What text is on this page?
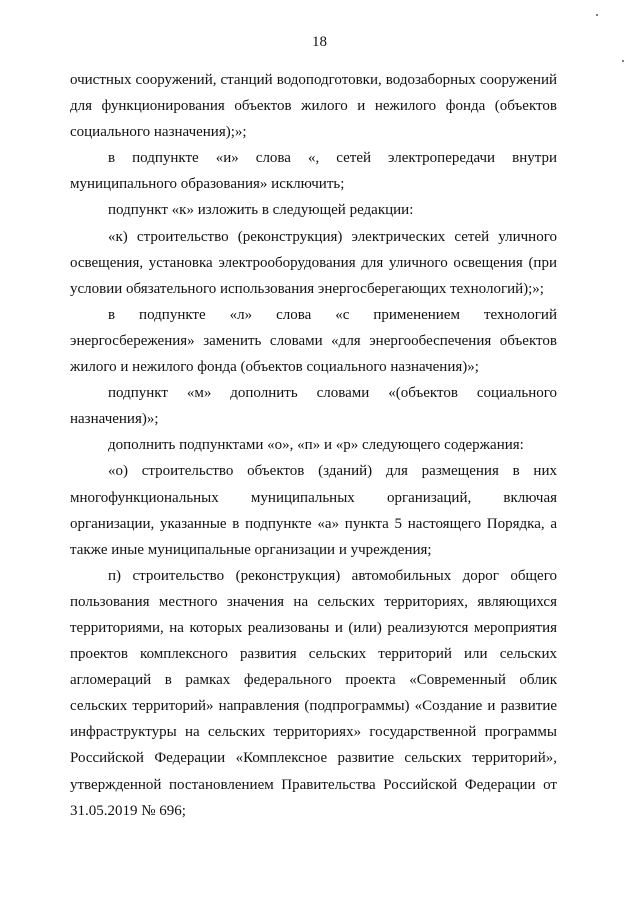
18

очистных сооружений, станций водоподготовки, водозаборных сооружений для функционирования объектов жилого и нежилого фонда (объектов социального назначения);»;

в подпункте «и» слова «, сетей электропередачи внутри муниципального образования» исключить;

подпункт «к» изложить в следующей редакции:

«к) строительство (реконструкция) электрических сетей уличного освещения, установка электрооборудования для уличного освещения (при условии обязательного использования энергосберегающих технологий);»;

в подпункте «л» слова «с применением технологий энергосбережения» заменить словами «для энергообеспечения объектов жилого и нежилого фонда (объектов социального назначения)»;

подпункт «м» дополнить словами «(объектов социального назначения)»;

дополнить подпунктами «о», «п» и «р» следующего содержания:

«о) строительство объектов (зданий) для размещения в них многофункциональных муниципальных организаций, включая организации, указанные в подпункте «а» пункта 5 настоящего Порядка, а также иные муниципальные организации и учреждения;

п) строительство (реконструкция) автомобильных дорог общего пользования местного значения на сельских территориях, являющихся территориями, на которых реализованы и (или) реализуются мероприятия проектов комплексного развития сельских территорий или сельских агломераций в рамках федерального проекта «Современный облик сельских территорий» направления (подпрограммы) «Создание и развитие инфраструктуры на сельских территориях» государственной программы Российской Федерации «Комплексное развитие сельских территорий», утвержденной постановлением Правительства Российской Федерации от 31.05.2019 № 696;
